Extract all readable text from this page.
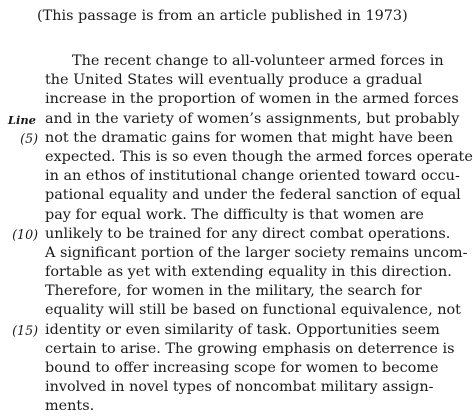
(This passage is from an article published in 1973)
The recent change to all-volunteer armed forces in
the United States will eventually produce a gradual
increase in the proportion of women in the armed forces
Line and in the variety of women’s assignments, but probably
(5) not the dramatic gains for women that might have been
expected. This is so even though the armed forces operate
in an ethos of institutional change oriented toward occu-
pational equality and under the federal sanction of equal
pay for equal work. The difficulty is that women are
(10) unlikely to be trained for any direct combat operations.
A significant portion of the larger society remains uncom-
fortable as yet with extending equality in this direction.
Therefore, for women in the military, the search for
equality will still be based on functional equivalence, not
(15) identity or even similarity of task. Opportunities seem
certain to arise. The growing emphasis on deterrence is
bound to offer increasing scope for women to become
involved in novel types of noncombat military assign-
ments.
